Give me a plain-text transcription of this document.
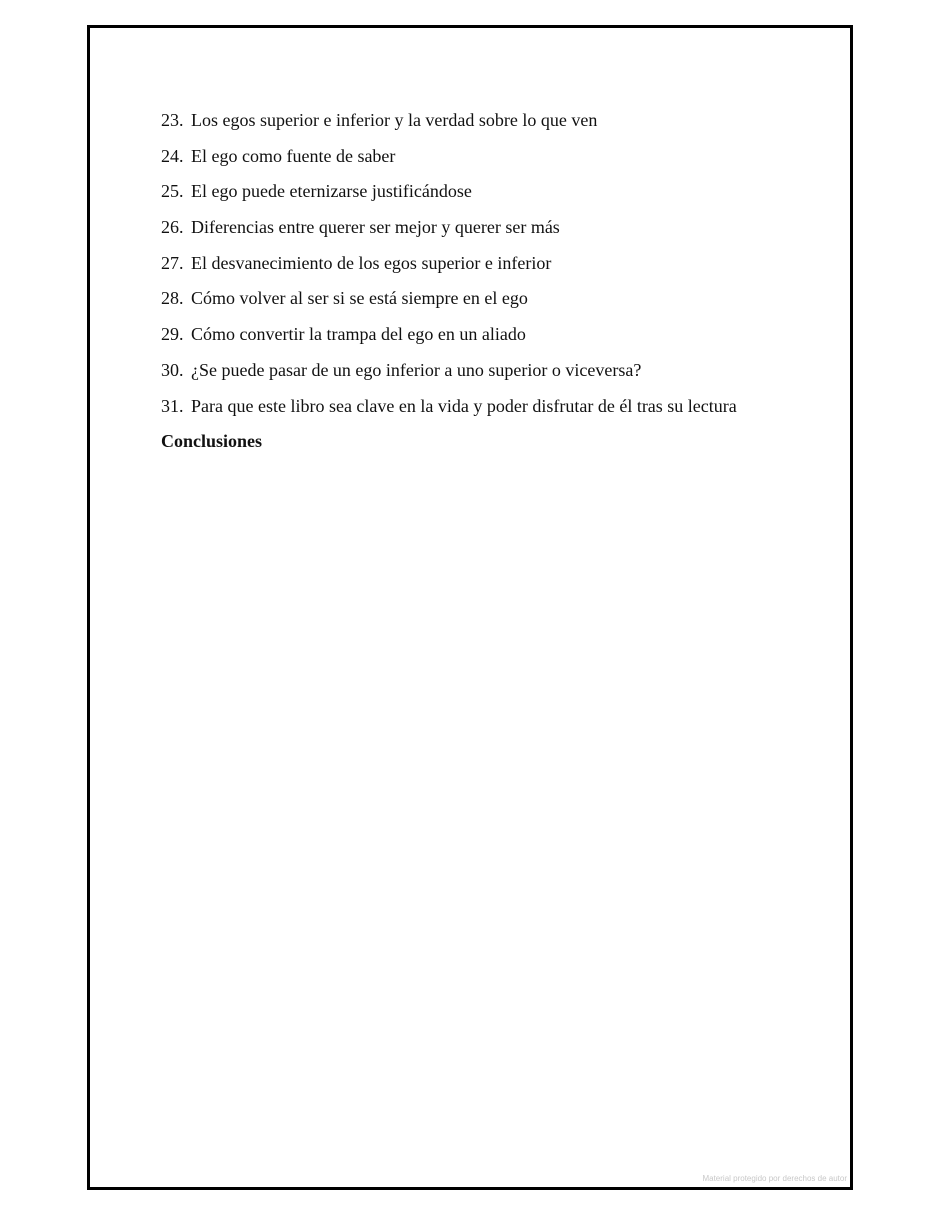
23. Los egos superior e inferior y la verdad sobre lo que ven
24. El ego como fuente de saber
25. El ego puede eternizarse justificándose
26. Diferencias entre querer ser mejor y querer ser más
27. El desvanecimiento de los egos superior e inferior
28. Cómo volver al ser si se está siempre en el ego
29. Cómo convertir la trampa del ego en un aliado
30. ¿Se puede pasar de un ego inferior a uno superior o viceversa?
31. Para que este libro sea clave en la vida y poder disfrutar de él tras su lectura
Conclusiones
Material protegido por derechos de autor
